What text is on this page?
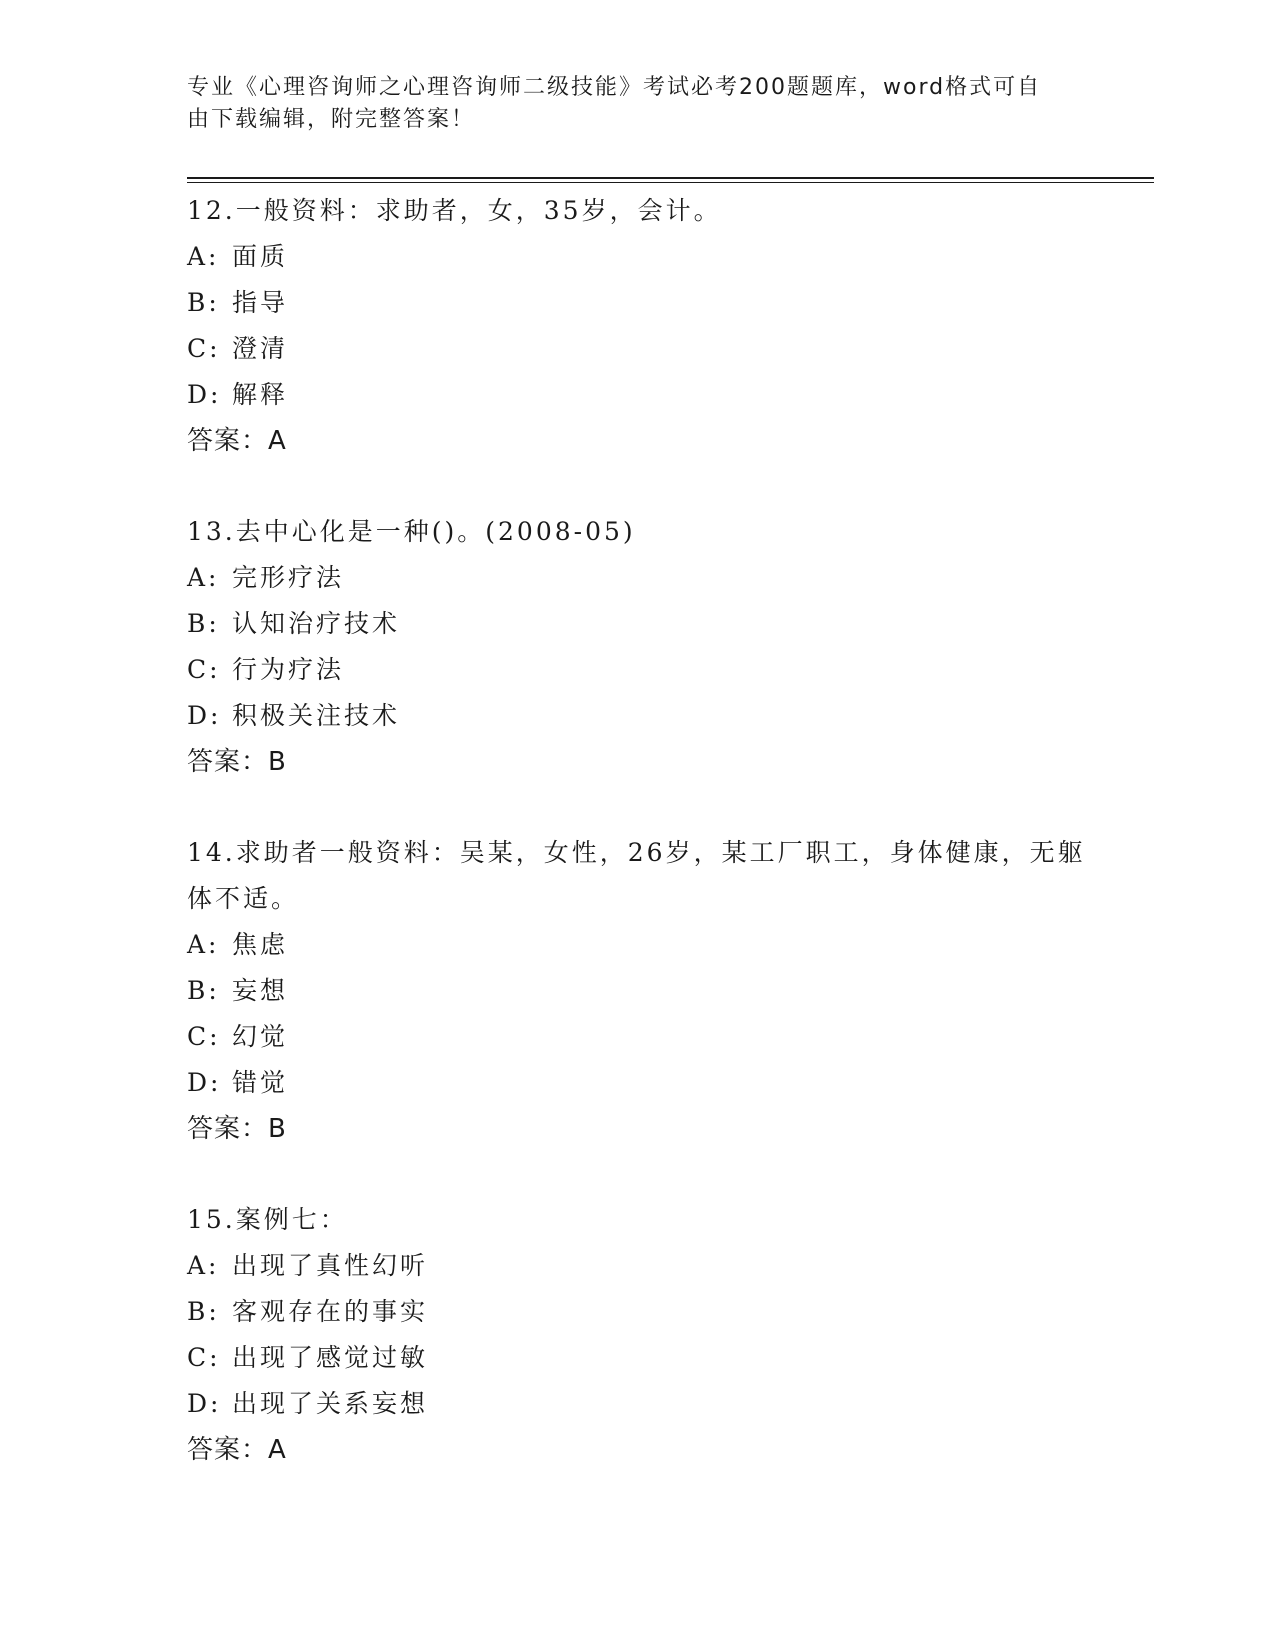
专业《心理咨询师之心理咨询师二级技能》考试必考200题题库，word格式可自
由下载编辑，附完整答案！
12.一般资料：求助者，女，35岁，会计。
A: 面质
B: 指导
C: 澄清
D: 解释
答案：A
13.去中心化是一种()。(2008-05)
A: 完形疗法
B: 认知治疗技术
C: 行为疗法
D: 积极关注技术
答案：B
14.求助者一般资料：吴某，女性，26岁，某工厂职工，身体健康，无躯体不适。
A: 焦虑
B: 妄想
C: 幻觉
D: 错觉
答案：B
15.案例七：
A: 出现了真性幻听
B: 客观存在的事实
C: 出现了感觉过敏
D: 出现了关系妄想
答案：A
